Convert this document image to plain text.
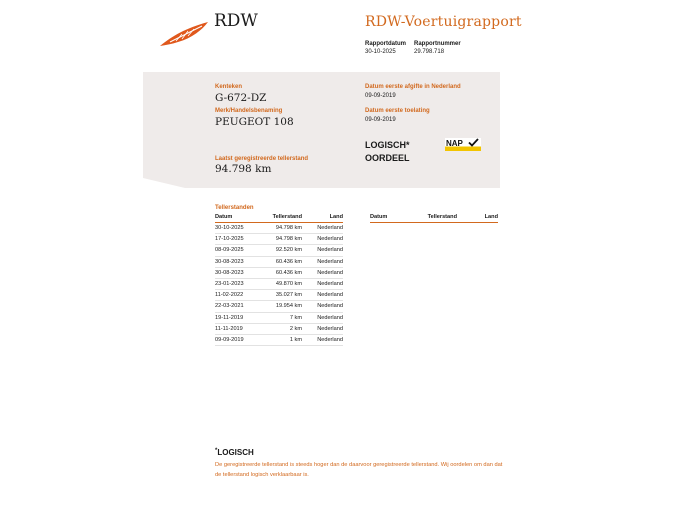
RDW	RDW-Voertuigrapport
Rapportdatum Rapportnummer
30-10-2025	29.798.718
Kenteken
G-672-DZ
Merk/Handelsbenaming
PEUGEOT 108
Laatst geregistreerde tellerstand
94.798 km
Datum eerste afgifte in Nederland
09-09-2019
Datum eerste toelating
09-09-2019
LOGISCH*
OORDEEL
NAP
Tellerstanden
Datum	Tellerstand	Land
30-10-2025	94.798 km	Nederland
17-10-2025	94.798 km	Nederland
08-09-2025	92.520 km	Nederland
30-08-2023	60.436 km	Nederland
30-08-2023	60.436 km	Nederland
23-01-2023	49.870 km	Nederland
11-02-2022	35.027 km	Nederland
22-03-2021	19.954 km	Nederland
19-11-2019	7 km	Nederland
11-11-2019	2 km	Nederland
09-09-2019	1 km	Nederland
Datum	Tellerstand	Land
*LOGISCH
De geregistreerde tellerstand is steeds hoger dan de daarvoor geregistreerde tellerstand. Wij oordelen om dan dat de tellerstand logisch verklaarbaar is.
